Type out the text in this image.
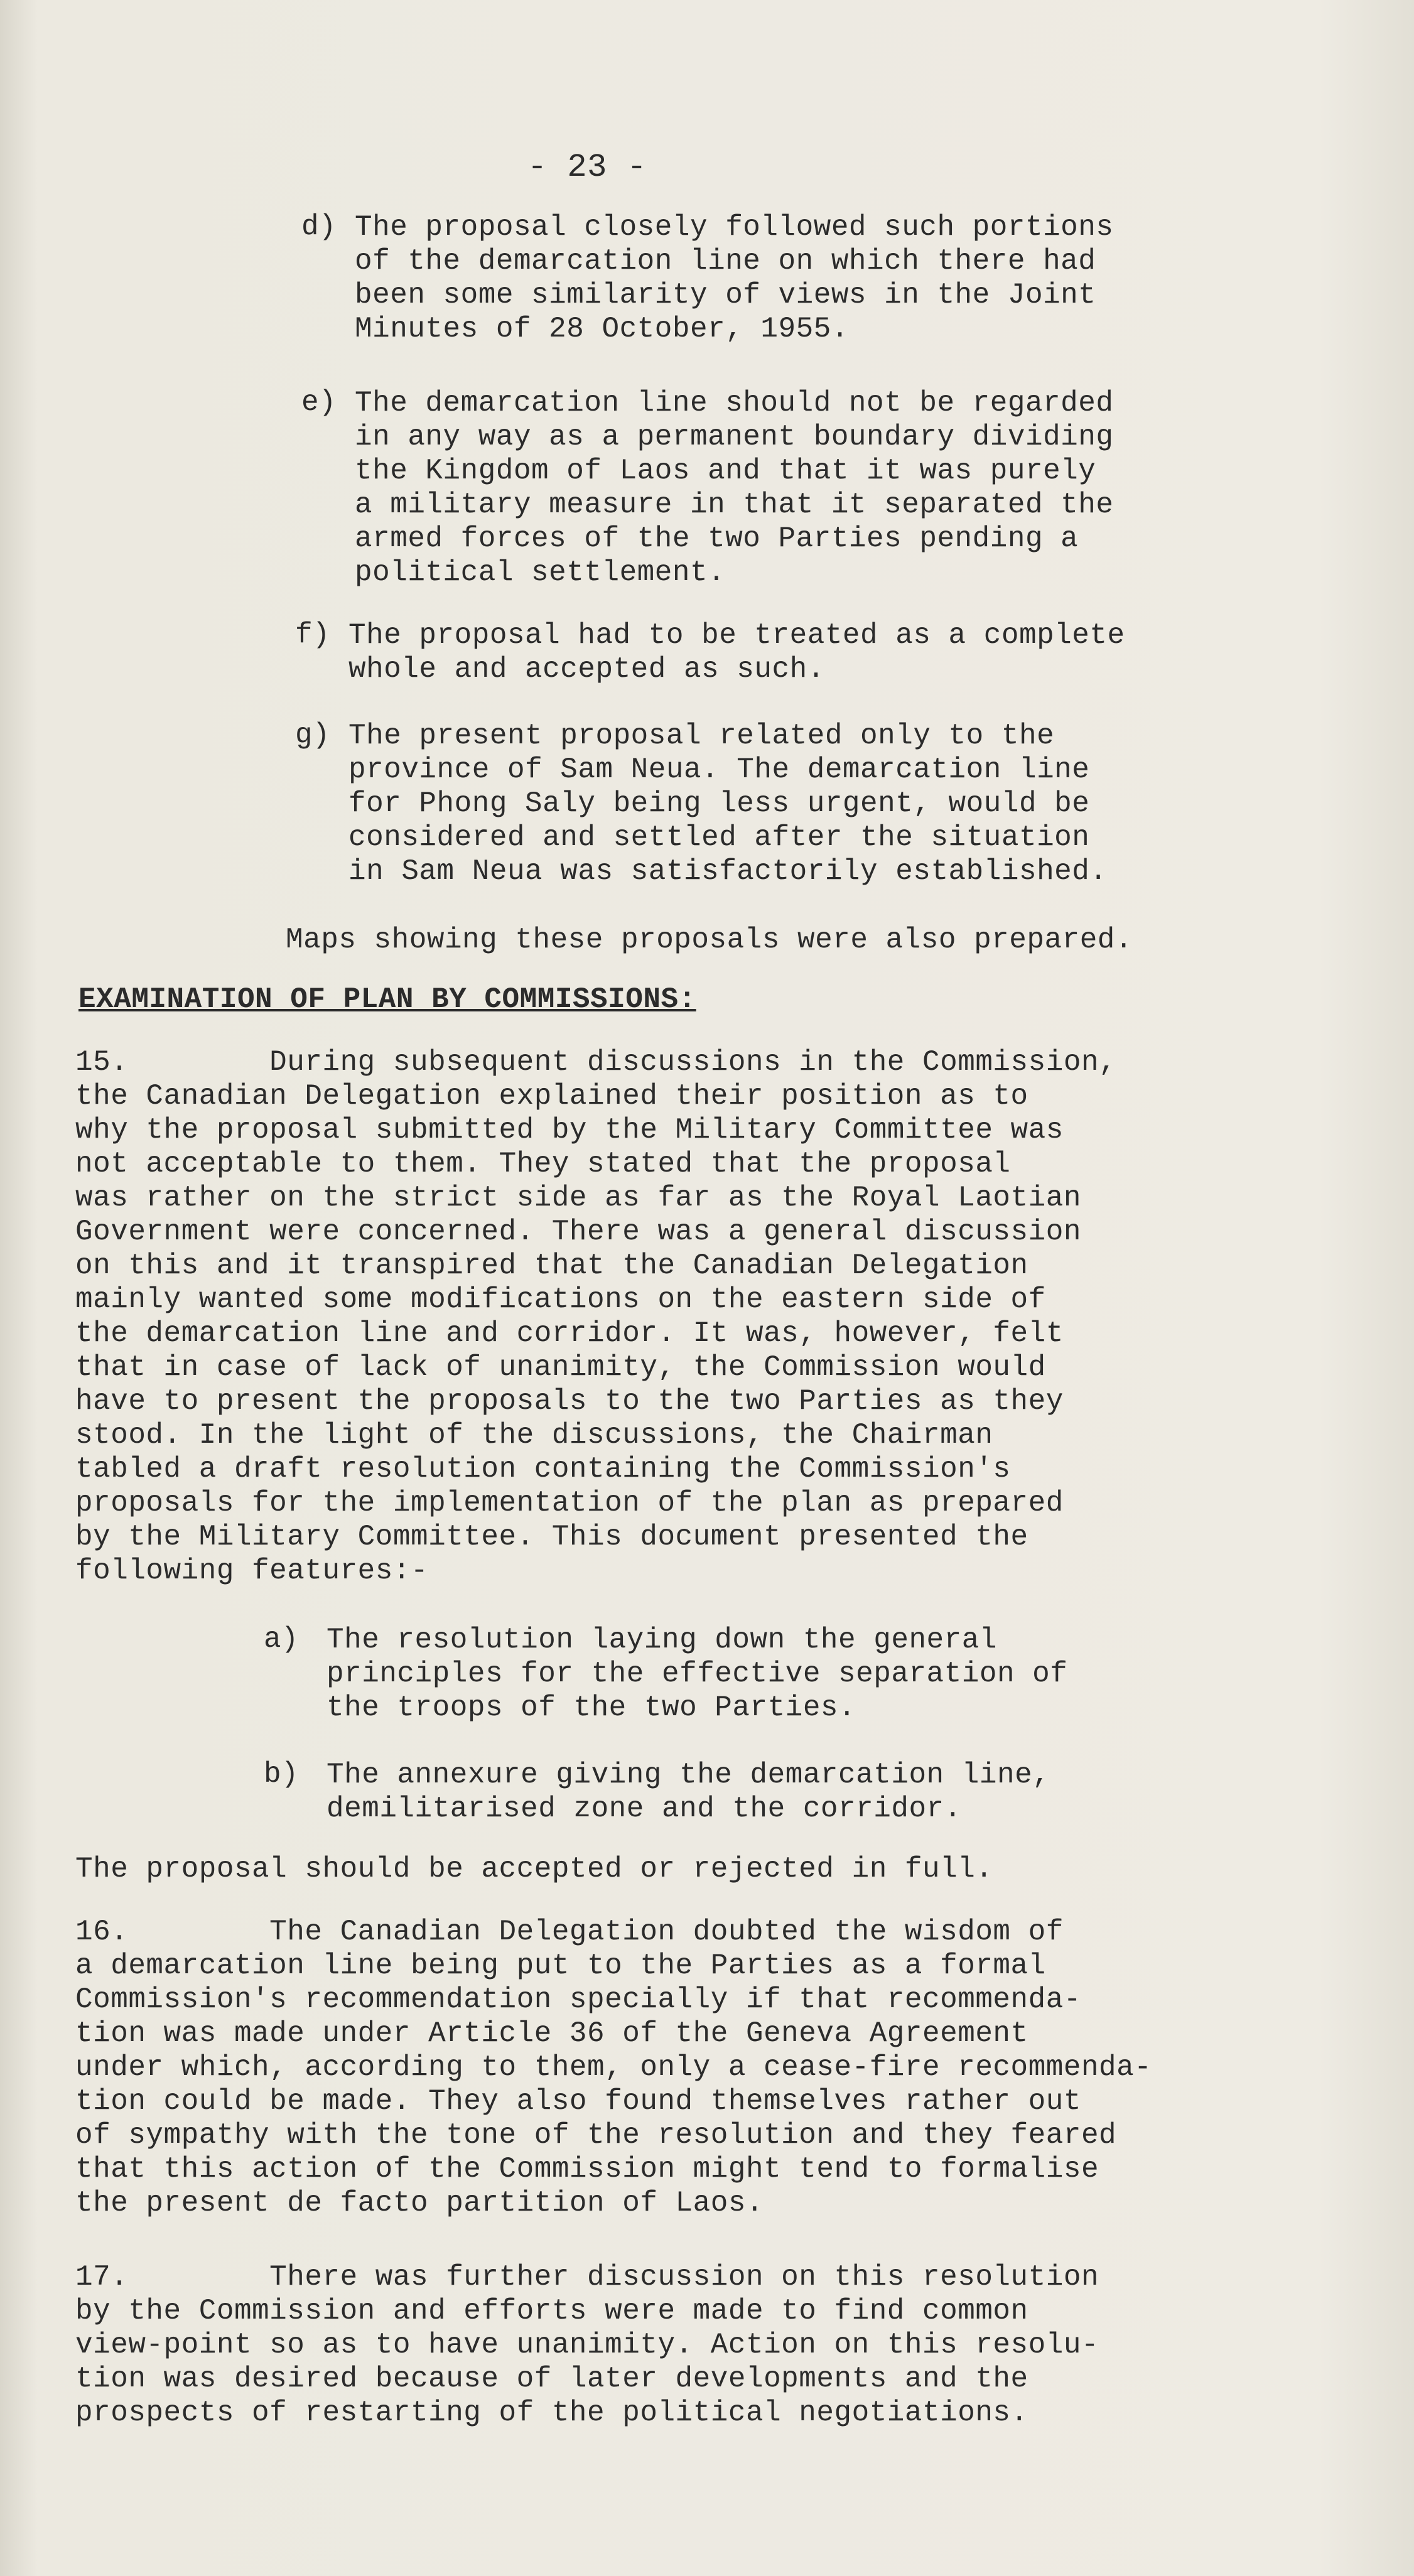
- 23 -
d) The proposal closely followed such portions
of the demarcation line on which there had
been some similarity of views in the Joint
Minutes of 28 October, 1955.
e) The demarcation line should not be regarded
in any way as a permanent boundary dividing
the Kingdom of Laos and that it was purely
a military measure in that it separated the
armed forces of the two Parties pending a
political settlement.
f) The proposal had to be treated as a complete
whole and accepted as such.
g) The present proposal related only to the
province of Sam Neua. The demarcation line
for Phong Saly being less urgent, would be
considered and settled after the situation
in Sam Neua was satisfactorily established.
Maps showing these proposals were also prepared.
EXAMINATION OF PLAN BY COMMISSIONS:
15.        During subsequent discussions in the Commission,
the Canadian Delegation explained their position as to
why the proposal submitted by the Military Committee was
not acceptable to them. They stated that the proposal
was rather on the strict side as far as the Royal Laotian
Government were concerned. There was a general discussion
on this and it transpired that the Canadian Delegation
mainly wanted some modifications on the eastern side of
the demarcation line and corridor. It was, however, felt
that in case of lack of unanimity, the Commission would
have to present the proposals to the two Parties as they
stood. In the light of the discussions, the Chairman
tabled a draft resolution containing the Commission's
proposals for the implementation of the plan as prepared
by the Military Committee. This document presented the
following features:-
a) The resolution laying down the general
principles for the effective separation of
the troops of the two Parties.
b) The annexure giving the demarcation line,
demilitarised zone and the corridor.
The proposal should be accepted or rejected in full.
16.        The Canadian Delegation doubted the wisdom of
a demarcation line being put to the Parties as a formal
Commission's recommendation specially if that recommenda-
tion was made under Article 36 of the Geneva Agreement
under which, according to them, only a cease-fire recommenda-
tion could be made. They also found themselves rather out
of sympathy with the tone of the resolution and they feared
that this action of the Commission might tend to formalise
the present de facto partition of Laos.
17.        There was further discussion on this resolution
by the Commission and efforts were made to find common
view-point so as to have unanimity. Action on this resolu-
tion was desired because of later developments and the
prospects of restarting of the political negotiations.
